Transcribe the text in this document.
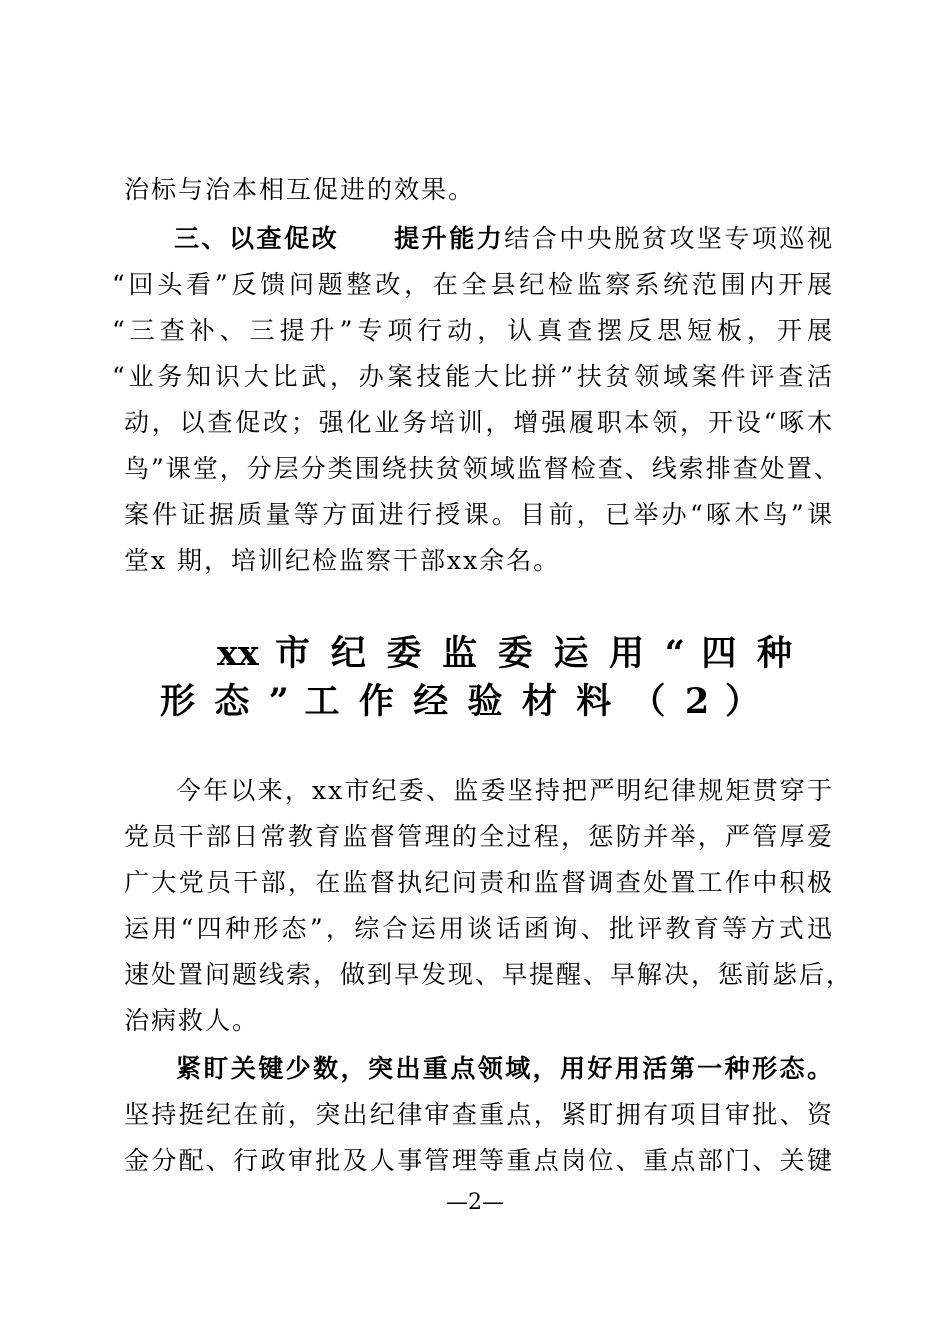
治标与治本相互促进的效果。
三、以查促改　　提升能力结合中央脱贫攻坚专项巡视
“回头看”反馈问题整改，在全县纪检监察系统范围内开展
“三查补、三提升”专项行动，认真查摆反思短板，开展
“业务知识大比武，办案技能大比拼”扶贫领域案件评查活
动，以查促改；强化业务培训，增强履职本领，开设“啄木
鸟”课堂，分层分类围绕扶贫领域监督检查、线索排查处置、
案件证据质量等方面进行授课。目前，已举办“啄木鸟”课
堂x 期，培训纪检监察干部xx余名。
xx 市 纪 委 监 委 运 用 “ 四 种
形 态 ” 工 作 经 验 材 料 （ 2 ）
今年以来，xx市纪委、监委坚持把严明纪律规矩贯穿于
党员干部日常教育监督管理的全过程，惩防并举，严管厚爱
广大党员干部，在监督执纪问责和监督调查处置工作中积极
运用“四种形态”，综合运用谈话函询、批评教育等方式迅
速处置问题线索，做到早发现、早提醒、早解决，惩前毖后，
治病救人。
紧盯关键少数，突出重点领域，用好用活第一种形态。
坚持挺纪在前，突出纪律审查重点，紧盯拥有项目审批、资
金分配、行政审批及人事管理等重点岗位、重点部门、关键
—2—
